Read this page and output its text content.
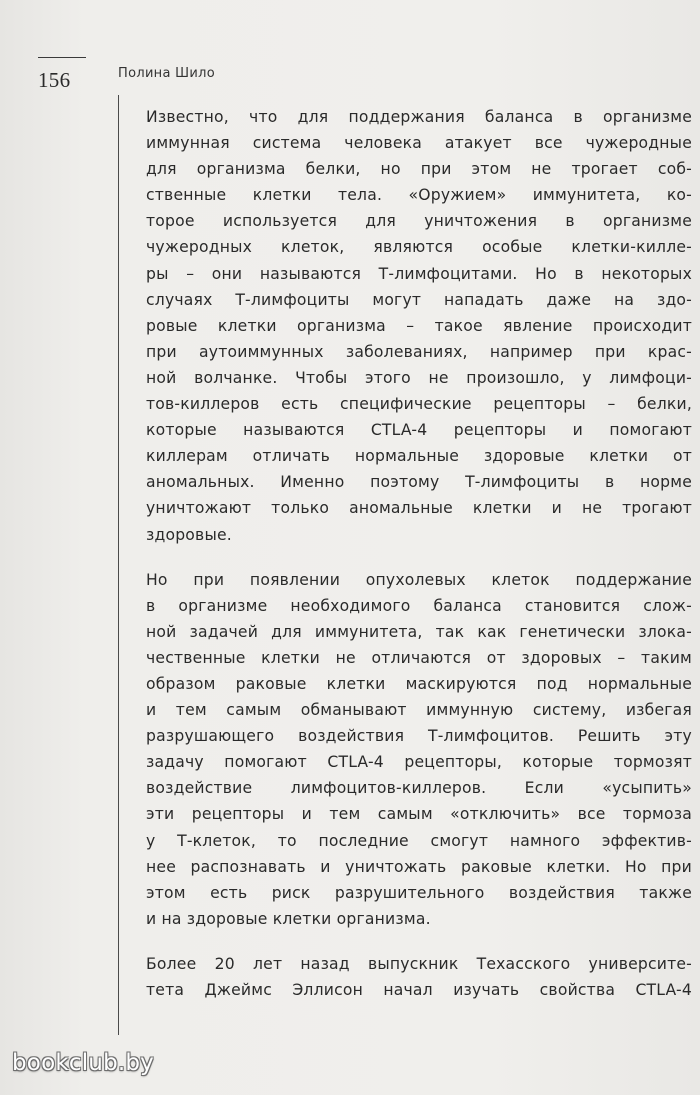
156	Полина Шило

Известно, что для поддержания баланса в организме
иммунная система человека атакует все чужеродные
для организма белки, но при этом не трогает соб-
ственные клетки тела. «Оружием» иммунитета, ко-
торое используется для уничтожения в организме
чужеродных клеток, являются особые клетки-килле-
ры – они называются Т-лимфоцитами. Но в некоторых
случаях Т-лимфоциты могут нападать даже на здо-
ровые клетки организма – такое явление происходит
при аутоиммунных заболеваниях, например при крас-
ной волчанке. Чтобы этого не произошло, у лимфоци-
тов-киллеров есть специфические рецепторы – белки,
которые называются CTLA-4 рецепторы и помогают
киллерам отличать нормальные здоровые клетки от
аномальных. Именно поэтому Т-лимфоциты в норме
уничтожают только аномальные клетки и не трогают
здоровые.

Но при появлении опухолевых клеток поддержание
в организме необходимого баланса становится слож-
ной задачей для иммунитета, так как генетически злока-
чественные клетки не отличаются от здоровых – таким
образом раковые клетки маскируются под нормальные
и тем самым обманывают иммунную систему, избегая
разрушающего воздействия Т-лимфоцитов. Решить эту
задачу помогают CTLA-4 рецепторы, которые тормозят
воздействие лимфоцитов-киллеров. Если «усыпить»
эти рецепторы и тем самым «отключить» все тормоза
у Т-клеток, то последние смогут намного эффектив-
нее распознавать и уничтожать раковые клетки. Но при
этом есть риск разрушительного воздействия также
и на здоровые клетки организма.

Более 20 лет назад выпускник Техасского университе-
тета Джеймс Эллисон начал изучать свойства CTLA-4

bookclub.by
